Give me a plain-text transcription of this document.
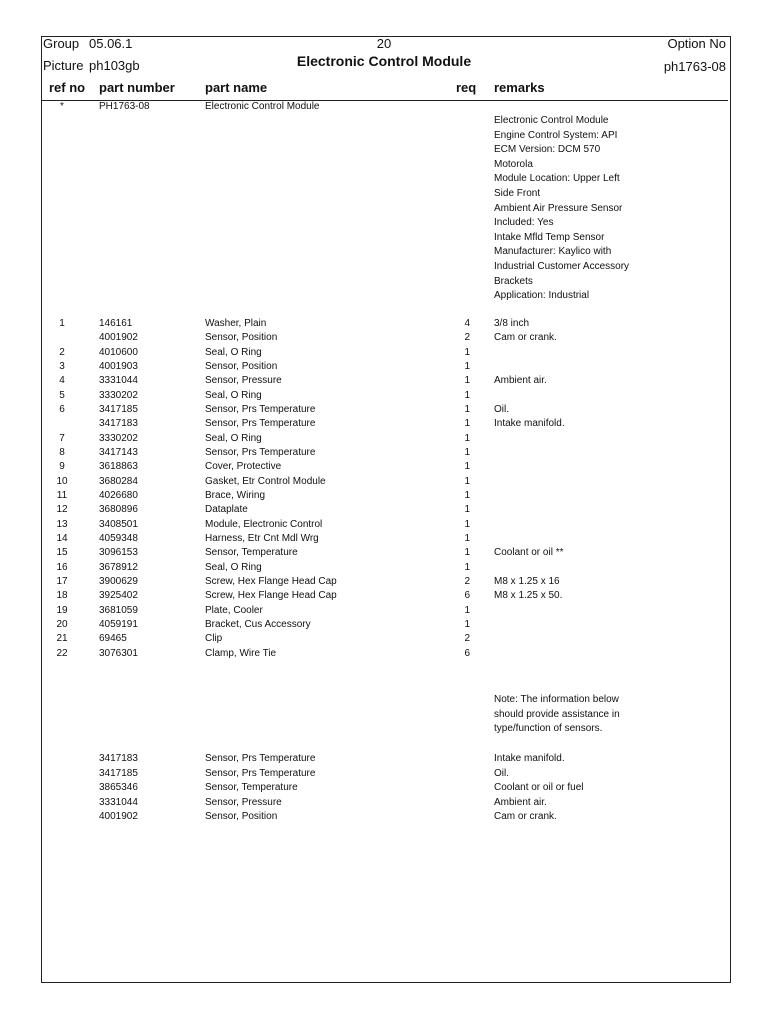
Group 05.06.1	20	Option No
Picture ph103gb	Electronic Control Module	ph1763-08
ref no part number part name	req remarks
*	PH1763-08	Electronic Control Module
Electronic Control Module
Engine Control System: API
ECM Version: DCM 570
Motorola
Module Location: Upper Left
Side Front
Ambient Air Pressure Sensor
Included: Yes
Intake Mfld Temp Sensor
Manufacturer: Kaylico with
Industrial Customer Accessory
Brackets
Application: Industrial
1	146161	Washer, Plain	4 3/8 inch
4001902	Sensor, Position	2 Cam or crank.
2	4010600	Seal, O Ring	1
3	4001903	Sensor, Position	1
4	3331044	Sensor, Pressure	1 Ambient air.
5	3330202	Seal, O Ring	1
6	3417185	Sensor, Prs Temperature	1 Oil.
3417183	Sensor, Prs Temperature	1 Intake manifold.
7	3330202	Seal, O Ring	1
8	3417143	Sensor, Prs Temperature	1
9	3618863	Cover, Protective	1
10	3680284	Gasket, Etr Control Module	1
11	4026680	Brace, Wiring	1
12	3680896	Dataplate	1
13	3408501	Module, Electronic Control	1
14	4059348	Harness, Etr Cnt Mdl Wrg	1
15	3096153	Sensor, Temperature	1 Coolant or oil **
16	3678912	Seal, O Ring	1
17	3900629	Screw, Hex Flange Head Cap	2 M8 x 1.25 x 16
18	3925402	Screw, Hex Flange Head Cap	6 M8 x 1.25 x 50.
19	3681059	Plate, Cooler	1
20	4059191	Bracket, Cus Accessory	1
21	69465	Clip	2
22	3076301	Clamp, Wire Tie	6
Note: The information below
should provide assistance in
type/function of sensors.
3417183	Sensor, Prs Temperature	Intake manifold.
3417185	Sensor, Prs Temperature	Oil.
3865346	Sensor, Temperature	Coolant or oil or fuel
3331044	Sensor, Pressure	Ambient air.
4001902	Sensor, Position	Cam or crank.
